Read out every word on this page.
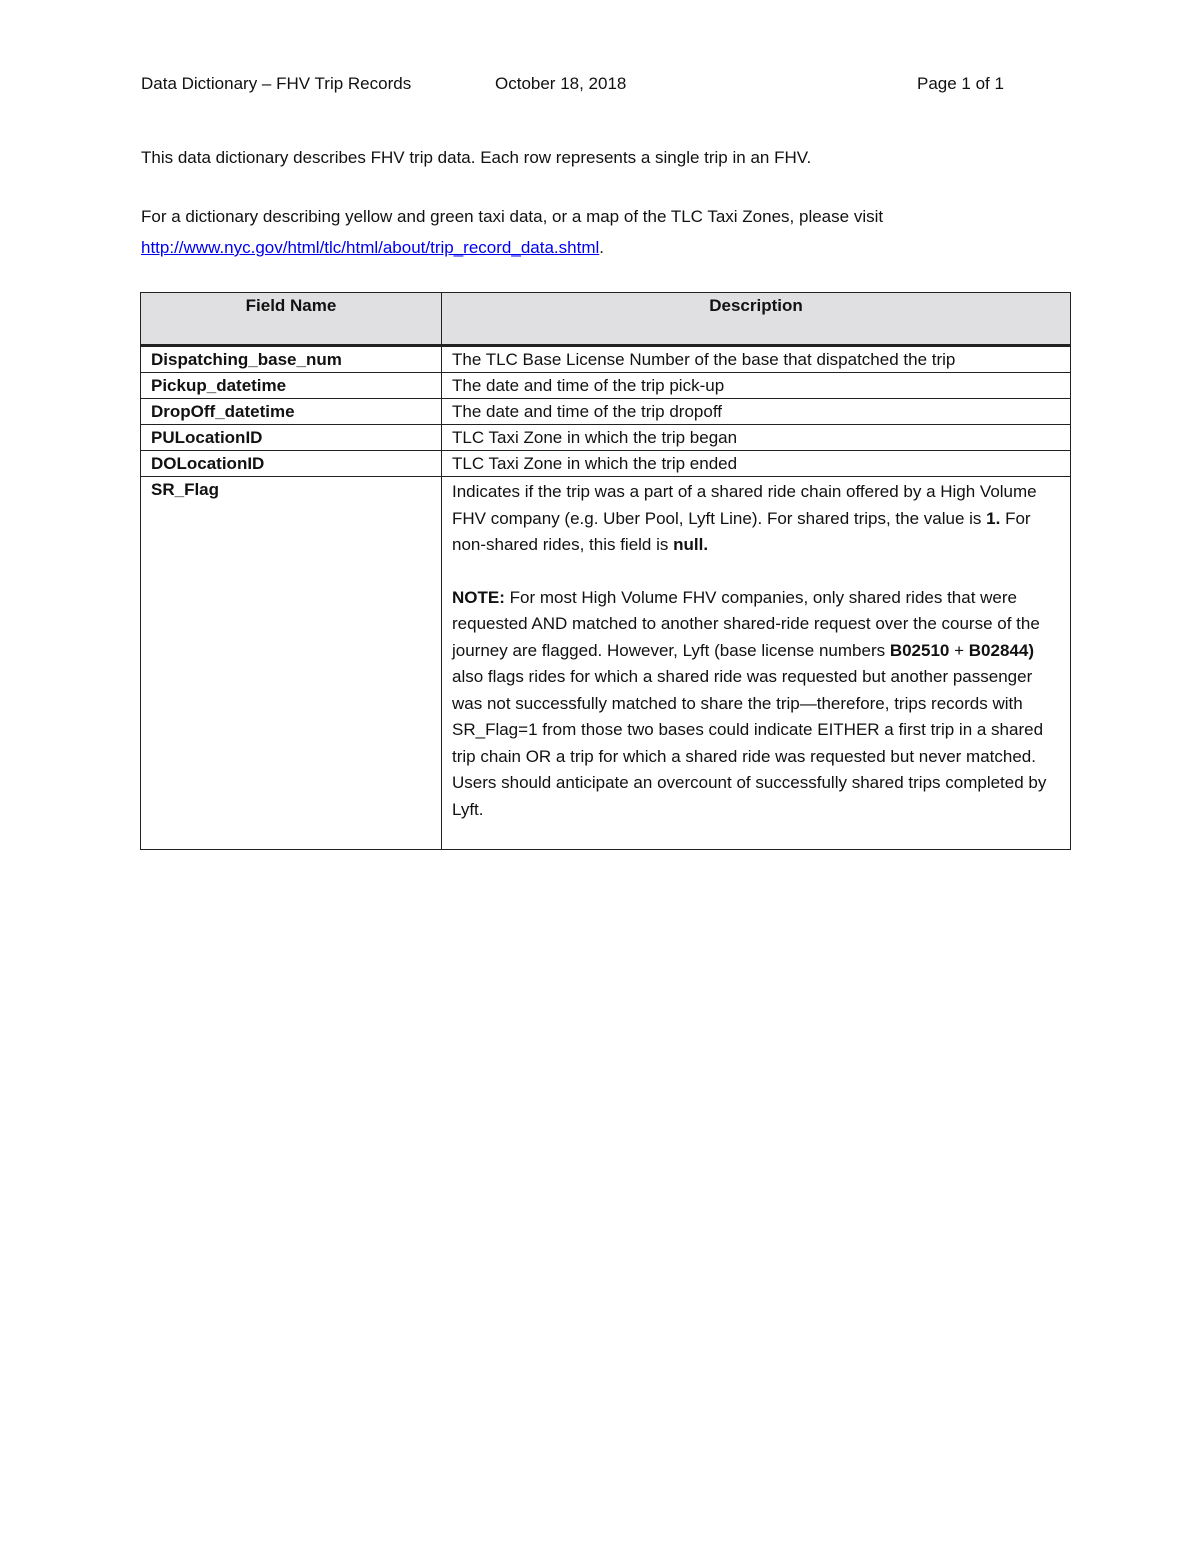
Data Dictionary – FHV Trip Records	October 18, 2018	Page 1 of 1
This data dictionary describes FHV trip data. Each row represents a single trip in an FHV.
For a dictionary describing yellow and green taxi data, or a map of the TLC Taxi Zones, please visit
http://www.nyc.gov/html/tlc/html/about/trip_record_data.shtml.
Field Name	Description
Dispatching_base_num	The TLC Base License Number of the base that dispatched the trip
Pickup_datetime	The date and time of the trip pick-up
DropOff_datetime	The date and time of the trip dropoff
PULocationID	TLC Taxi Zone in which the trip began
DOLocationID	TLC Taxi Zone in which the trip ended
SR_Flag	Indicates if the trip was a part of a shared ride chain offered by a High Volume FHV company (e.g. Uber Pool, Lyft Line). For shared trips, the value is 1. For non-shared rides, this field is null.
NOTE: For most High Volume FHV companies, only shared rides that were requested AND matched to another shared-ride request over the course of the journey are flagged. However, Lyft (base license numbers B02510 + B02844) also flags rides for which a shared ride was requested but another passenger was not successfully matched to share the trip—therefore, trips records with SR_Flag=1 from those two bases could indicate EITHER a first trip in a shared trip chain OR a trip for which a shared ride was requested but never matched. Users should anticipate an overcount of successfully shared trips completed by Lyft.
